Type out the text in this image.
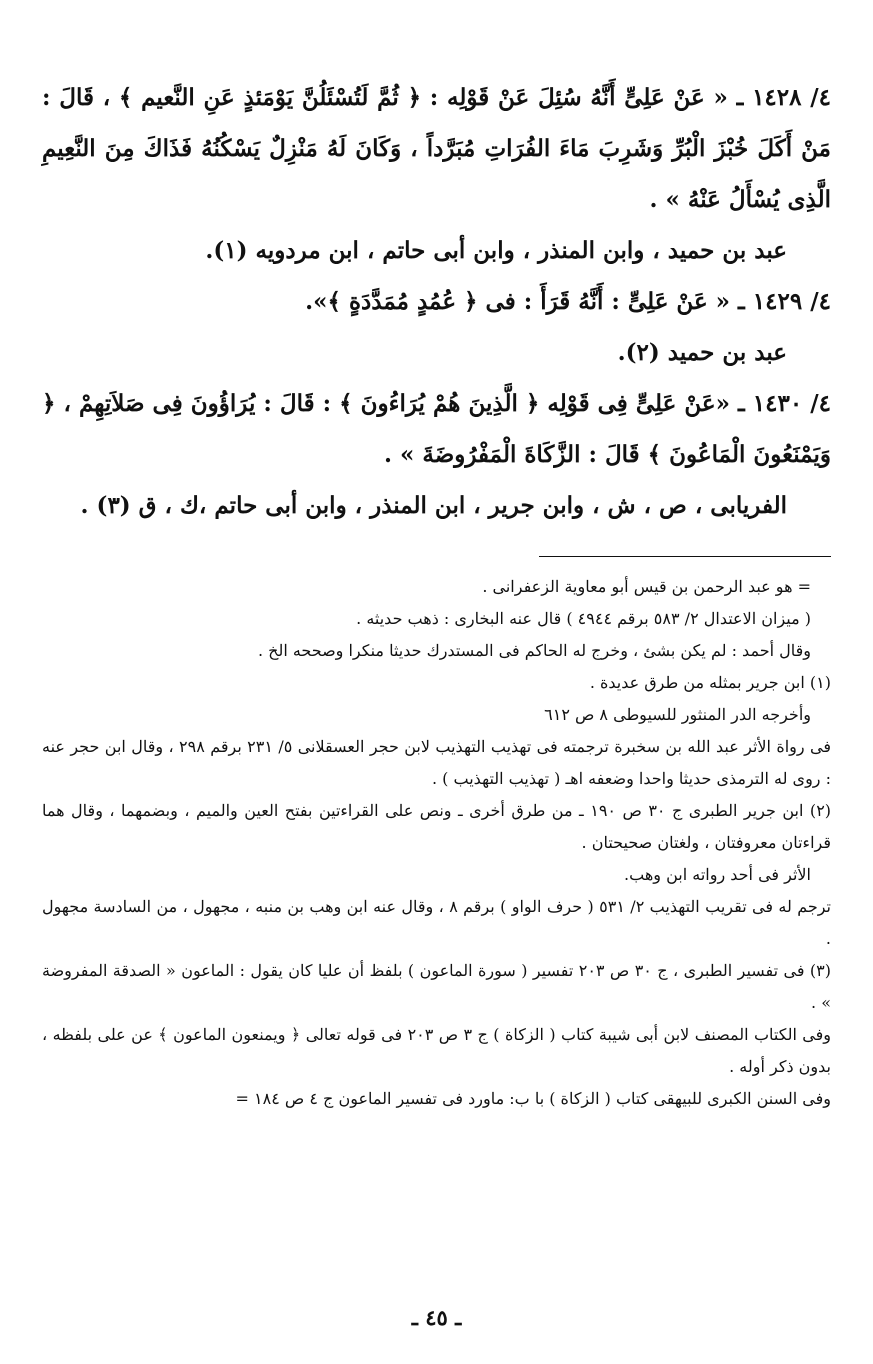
٤/ ١٤٢٨ ـ « عَنْ عَلِىٍّ أَنَّهُ سُئِلَ عَنْ قَوْلِه : ﴿ ثُمَّ لَتُسْئَلُنَّ يَوْمَئذٍ عَنِ النَّعيم ﴾ ، قَالَ : مَنْ أَكَلَ خُبْزَ الْبُرِّ وَشَرِبَ مَاءَ الفُرَاتِ مُبَرَّداً ، وَكَانَ لَهُ مَنْزِلٌ يَسْكُنُهُ فَذَاكَ مِنَ النَّعِيمِ الَّذِى يُسْأَلُ عَنْهُ » .

عبد بن حميد ، وابن المنذر ، وابن أبى حاتم ، ابن مردويه (١).

٤/ ١٤٢٩ ـ « عَنْ عَلِىٍّ : أَنَّهُ قَرَأَ : فى ﴿ عُمُدٍ مُمَدَّدَةٍ ﴾».

عبد بن حميد (٢).

٤/ ١٤٣٠ ـ «عَنْ عَلِىٍّ فِى قَوْلِه ﴿ الَّذِينَ هُمْ يُرَاءُونَ ﴾ : قَالَ : يُرَاؤُونَ فِى صَلاَتِهِمْ ، ﴿ وَيَمْنَعُونَ الْمَاعُونَ ﴾ قَالَ : الزَّكَاةَ الْمَفْرُوضَةَ » .

الفريابى ، ص ، ش ، وابن جرير ، ابن المنذر ، وابن أبى حاتم ،ك ، ق (٣) .

= هو عبد الرحمن بن قيس أبو معاوية الزعفرانى .

( ميزان الاعتدال ٢/ ٥٨٣ برقم ٤٩٤٤ ) قال عنه البخارى : ذهب حديثه .

وقال أحمد : لم يكن بشئ ، وخرج له الحاكم فى المستدرك حديثا منكرا وصححه الخ .

(١) ابن جرير بمثله من طرق عديدة .

وأخرجه الدر المنثور للسيوطى ٨ ص ٦١٢

فى رواة الأثر عبد الله بن سخبرة ترجمته فى تهذيب التهذيب لابن حجر العسقلانى ٥/ ٢٣١ برقم ٢٩٨ ، وقال ابن حجر عنه : روى له الترمذى حديثا واحدا وضعفه اهـ ( تهذيب التهذيب ) .

(٢) ابن جرير الطبرى ج ٣٠ ص ١٩٠ ـ من طرق أخرى ـ ونص على القراءتين بفتح العين والميم ، وبضمهما ، وقال هما قراءتان معروفتان ، ولغتان صحيحتان .

الأثر فى أحد رواته ابن وهب.

ترجم له فى تقريب التهذيب ٢/ ٥٣١ ( حرف الواو ) برقم ٨ ، وقال عنه ابن وهب بن منبه ، مجهول ، من السادسة مجهول .

(٣) فى تفسير الطبرى ، ج ٣٠ ص ٢٠٣ تفسير ( سورة الماعون ) بلفظ أن عليا كان يقول : الماعون « الصدقة المفروضة » .

وفى الكتاب المصنف لابن أبى شيبة كتاب ( الزكاة ) ج ٣ ص ٢٠٣ فى قوله تعالى ﴿ ويمنعون الماعون ﴾ عن على بلفظه ، بدون ذكر أوله .

وفى السنن الكبرى للبيهقى كتاب ( الزكاة ) با ب: ماورد فى تفسير الماعون ج ٤ ص ١٨٤ =

ـ ٤٥ ـ
